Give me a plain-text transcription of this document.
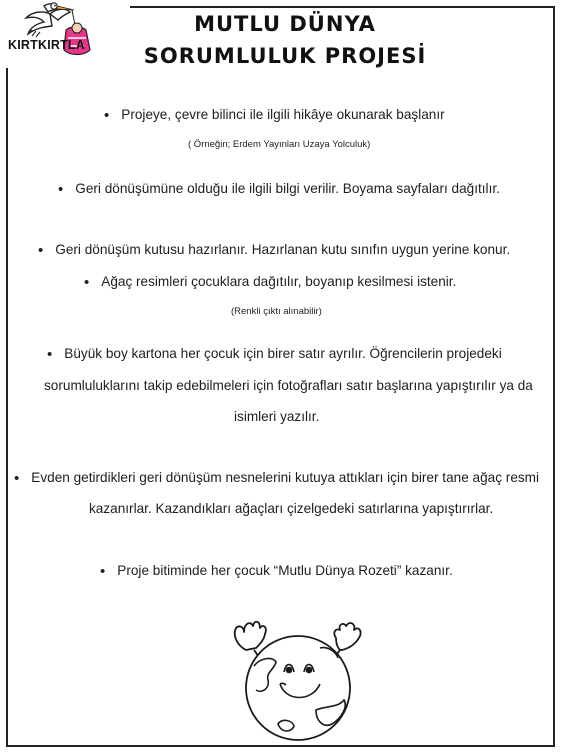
KIRTKIRTLA
MUTLU DÜNYA
SORUMLULUK PROJESİ
• Projeye, çevre bilinci ile ilgili hikâye okunarak başlanır
( Örneğin; Erdem Yayınları Uzaya Yolculuk)
• Geri dönüşümüne olduğu ile ilgili bilgi verilir. Boyama sayfaları dağıtılır.
• Geri dönüşüm kutusu hazırlanır. Hazırlanan kutu sınıfın uygun yerine konur.
• Ağaç resimleri çocuklara dağıtılır, boyanıp kesilmesi istenir.
(Renkli çıktı alınabilir)
• Büyük boy kartona her çocuk için birer satır ayrılır. Öğrencilerin projedeki
sorumluluklarını takip edebilmeleri için fotoğrafları satır başlarına yapıştırılır ya da
isimleri yazılır.
• Evden getirdikleri geri dönüşüm nesnelerini kutuya attıkları için birer tane ağaç resmi
kazanırlar. Kazandıkları ağaçları çizelgedeki satırlarına yapıştırırlar.
• Proje bitiminde her çocuk “Mutlu Dünya Rozeti” kazanır.
